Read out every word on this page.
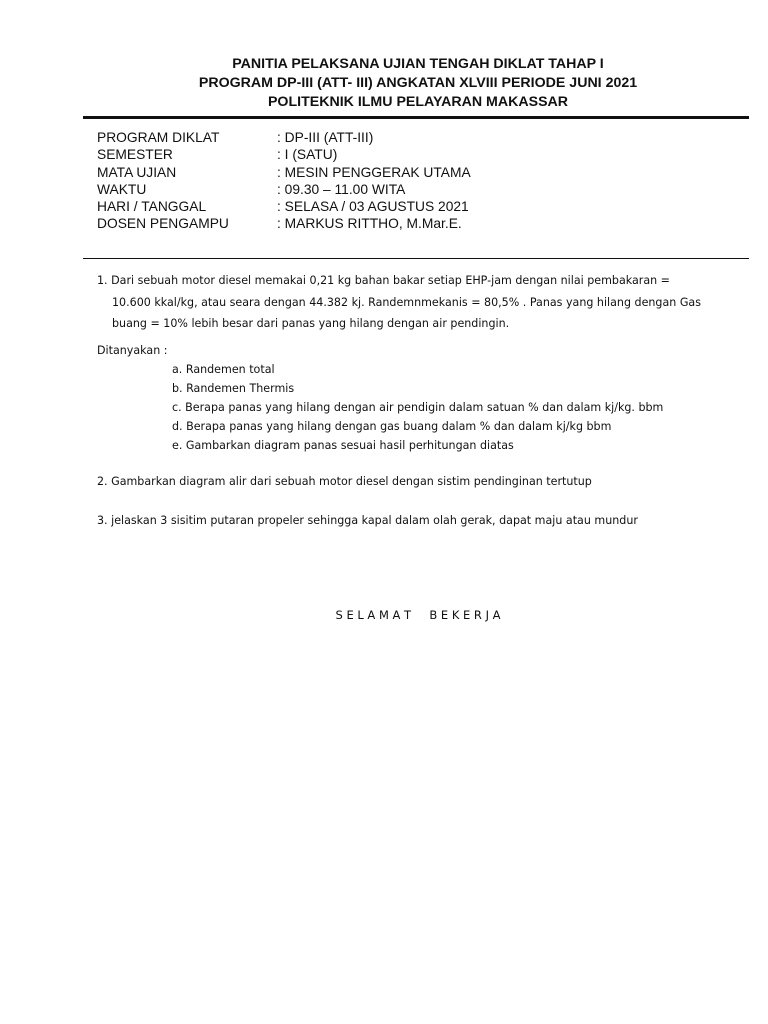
PANITIA PELAKSANA UJIAN TENGAH DIKLAT TAHAP I
PROGRAM DP-III (ATT- III) ANGKATAN XLVIII PERIODE JUNI 2021
POLITEKNIK ILMU PELAYARAN MAKASSAR
PROGRAM DIKLAT	: DP-III (ATT-III)
SEMESTER	: I (SATU)
MATA UJIAN	: MESIN PENGGERAK UTAMA
WAKTU	: 09.30 – 11.00 WITA
HARI / TANGGAL	: SELASA / 03 AGUSTUS 2021
DOSEN PENGAMPU	: MARKUS RITTHO, M.Mar.E.
1. Dari sebuah motor diesel memakai 0,21 kg bahan bakar setiap EHP-jam dengan nilai pembakaran =
10.600 kkal/kg, atau seara dengan 44.382 kj. Randemnmekanis = 80,5% . Panas yang hilang dengan Gas
buang = 10% lebih besar dari panas yang hilang dengan air pendingin.
Ditanyakan :
a. Randemen total
b. Randemen Thermis
c. Berapa panas yang hilang dengan air pendigin dalam satuan % dan dalam kj/kg. bbm
d. Berapa panas yang hilang dengan gas buang dalam % dan dalam kj/kg bbm
e. Gambarkan diagram panas sesuai hasil perhitungan diatas
2. Gambarkan diagram alir dari sebuah motor diesel dengan sistim pendinginan tertutup
3. jelaskan 3 sisitim putaran propeler sehingga kapal dalam olah gerak, dapat maju atau mundur
S E L A M A T     B E K E R J A
